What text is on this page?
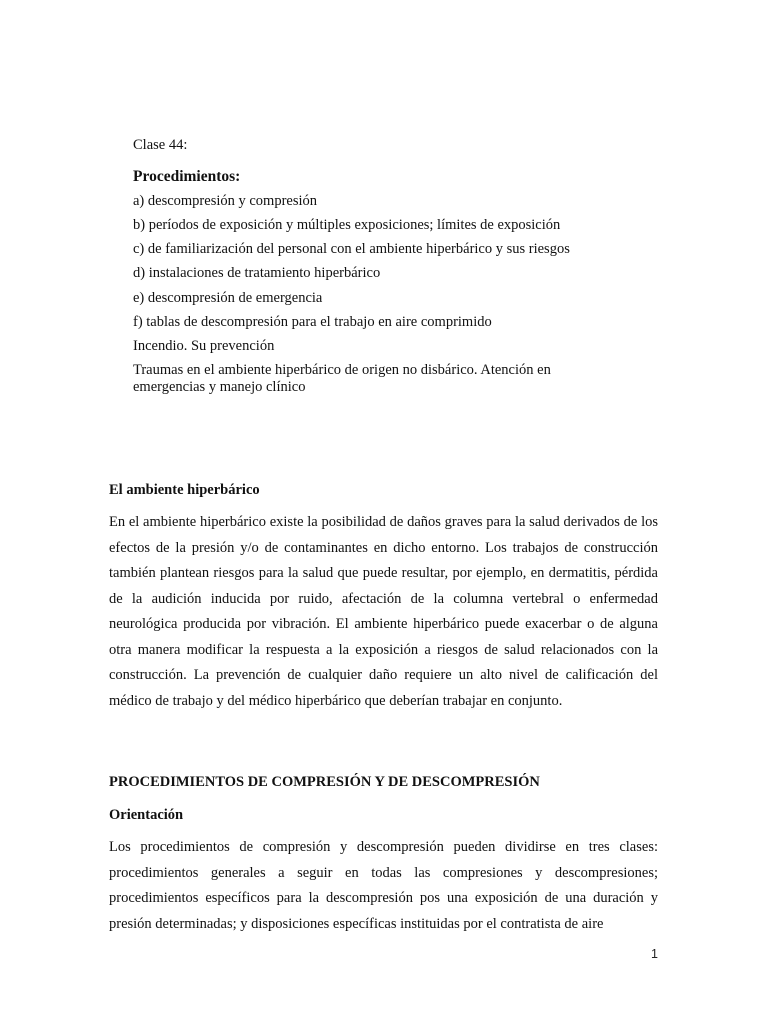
Clase 44:

Procedimientos:

a) descompresión y compresión

b) períodos de exposición y múltiples exposiciones; límites de exposición

c) de familiarización del personal con el ambiente hiperbárico y sus riesgos

d) instalaciones de tratamiento hiperbárico

e) descompresión de emergencia

f) tablas de descompresión para el trabajo en aire comprimido

Incendio. Su prevención

Traumas en el ambiente hiperbárico de origen no disbárico. Atención en emergencias y manejo clínico

El ambiente hiperbárico

En el ambiente hiperbárico existe la posibilidad de daños graves para la salud derivados de los efectos de la presión y/o de contaminantes en dicho entorno. Los trabajos de construcción también plantean riesgos para la salud que puede resultar, por ejemplo, en dermatitis, pérdida de la audición inducida por ruido, afectación de la columna vertebral o enfermedad neurológica producida por vibración. El ambiente hiperbárico puede exacerbar o de alguna otra manera modificar la respuesta a la exposición a riesgos de salud relacionados con la construcción. La prevención de cualquier daño requiere un alto nivel de calificación del médico de trabajo y del médico hiperbárico que deberían trabajar en conjunto.

PROCEDIMIENTOS DE COMPRESIÓN Y DE DESCOMPRESIÓN

Orientación

Los procedimientos de compresión y descompresión pueden dividirse en tres clases: procedimientos generales a seguir en todas las compresiones y descompresiones; procedimientos específicos para la descompresión pos una exposición de una duración y presión determinadas; y disposiciones específicas instituidas por el contratista de aire

1
